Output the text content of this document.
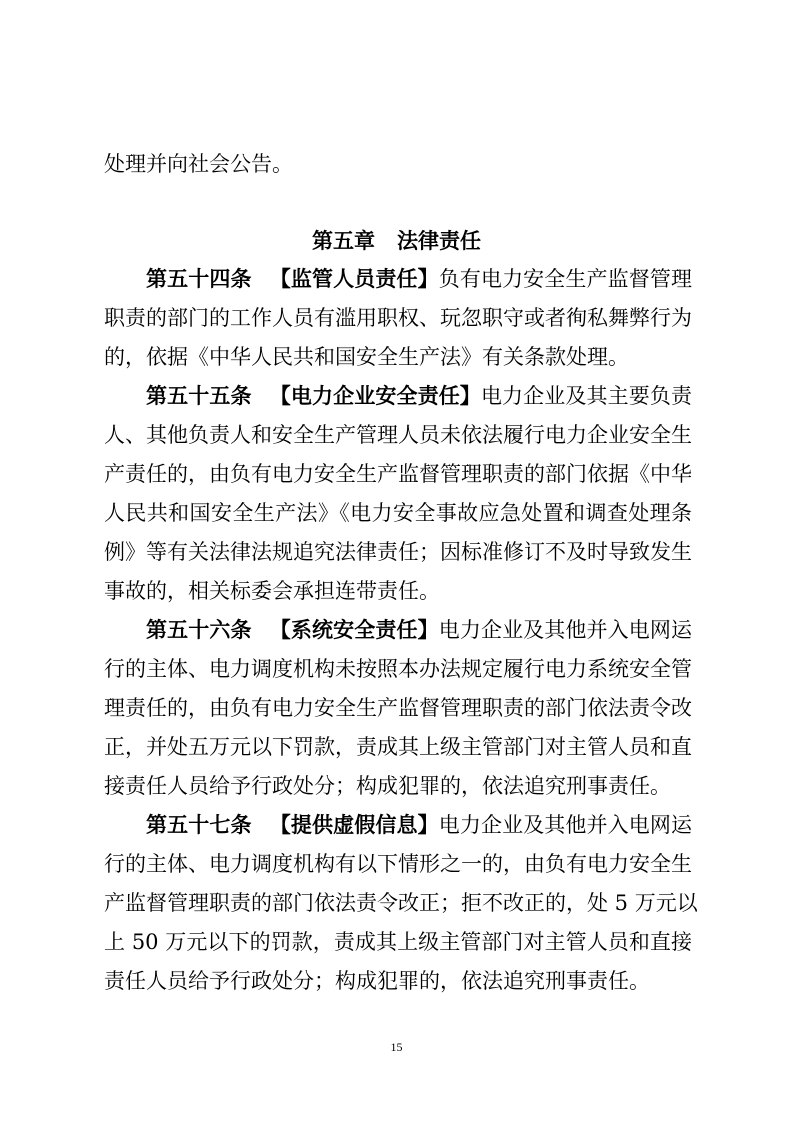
处理并向社会公告。
第五章 法律责任
第五十四条 【监管人员责任】负有电力安全生产监督管理
职责的部门的工作人员有滥用职权、玩忽职守或者徇私舞弊行为
的，依据《中华人民共和国安全生产法》有关条款处理。
第五十五条 【电力企业安全责任】电力企业及其主要负责
人、其他负责人和安全生产管理人员未依法履行电力企业安全生
产责任的，由负有电力安全生产监督管理职责的部门依据《中华
人民共和国安全生产法》《电力安全事故应急处置和调查处理条
例》等有关法律法规追究法律责任；因标准修订不及时导致发生
事故的，相关标委会承担连带责任。
第五十六条 【系统安全责任】电力企业及其他并入电网运
行的主体、电力调度机构未按照本办法规定履行电力系统安全管
理责任的，由负有电力安全生产监督管理职责的部门依法责令改
正，并处五万元以下罚款，责成其上级主管部门对主管人员和直
接责任人员给予行政处分；构成犯罪的，依法追究刑事责任。
第五十七条 【提供虚假信息】电力企业及其他并入电网运
行的主体、电力调度机构有以下情形之一的，由负有电力安全生
产监督管理职责的部门依法责令改正；拒不改正的，处 5 万元以
上 50 万元以下的罚款，责成其上级主管部门对主管人员和直接
责任人员给予行政处分；构成犯罪的，依法追究刑事责任。
15
